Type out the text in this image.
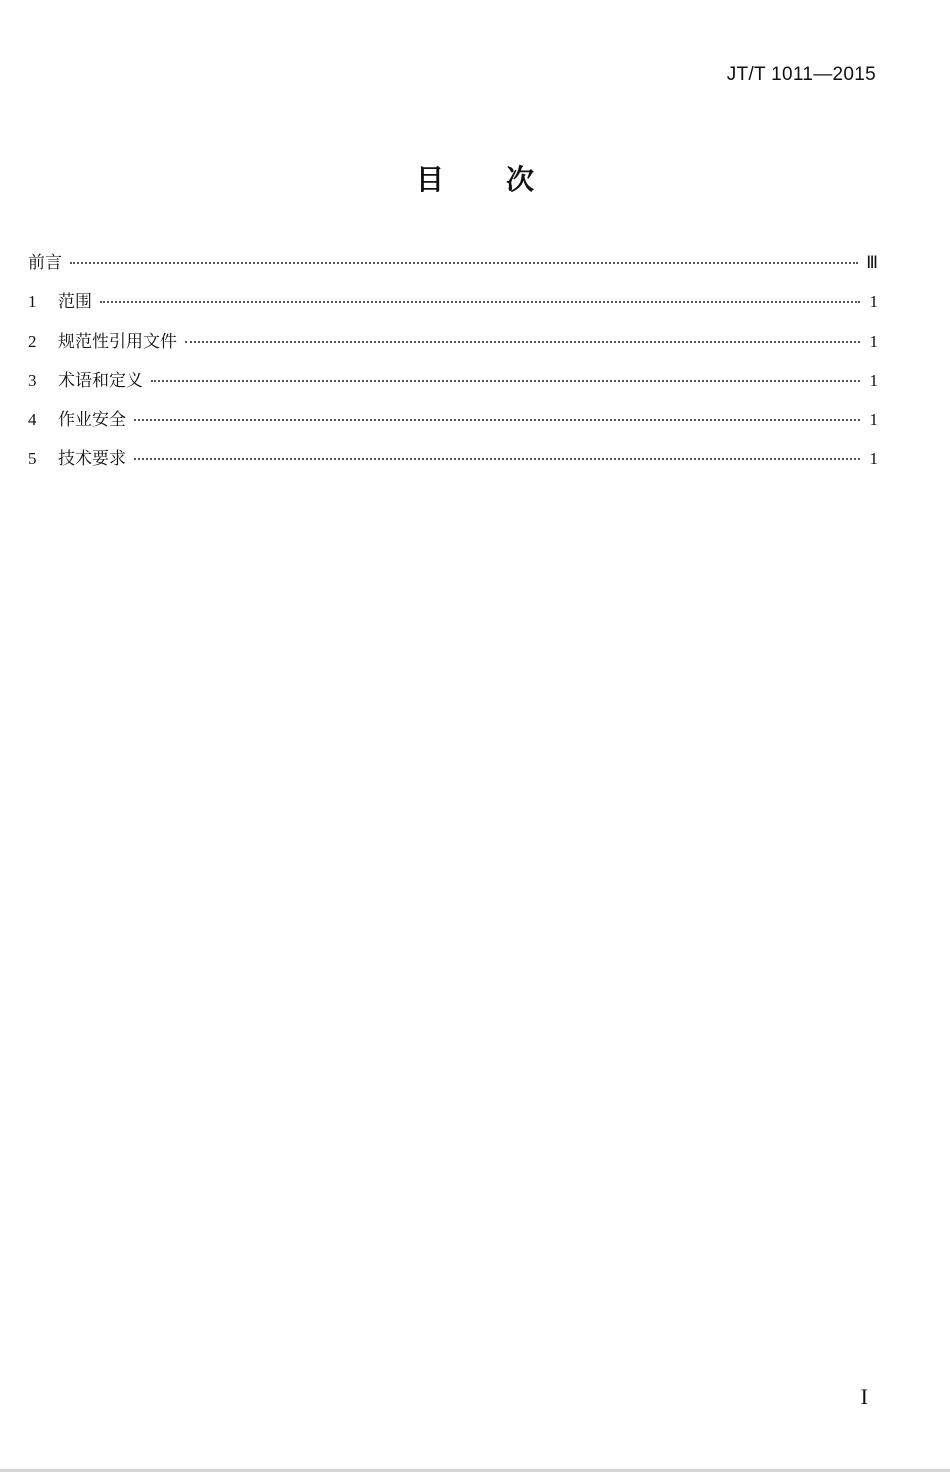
JT/T 1011—2015
目 次
前言	Ⅲ
1	范围	1
2	规范性引用文件	1
3	术语和定义	1
4	作业安全	1
5	技术要求	1
I
